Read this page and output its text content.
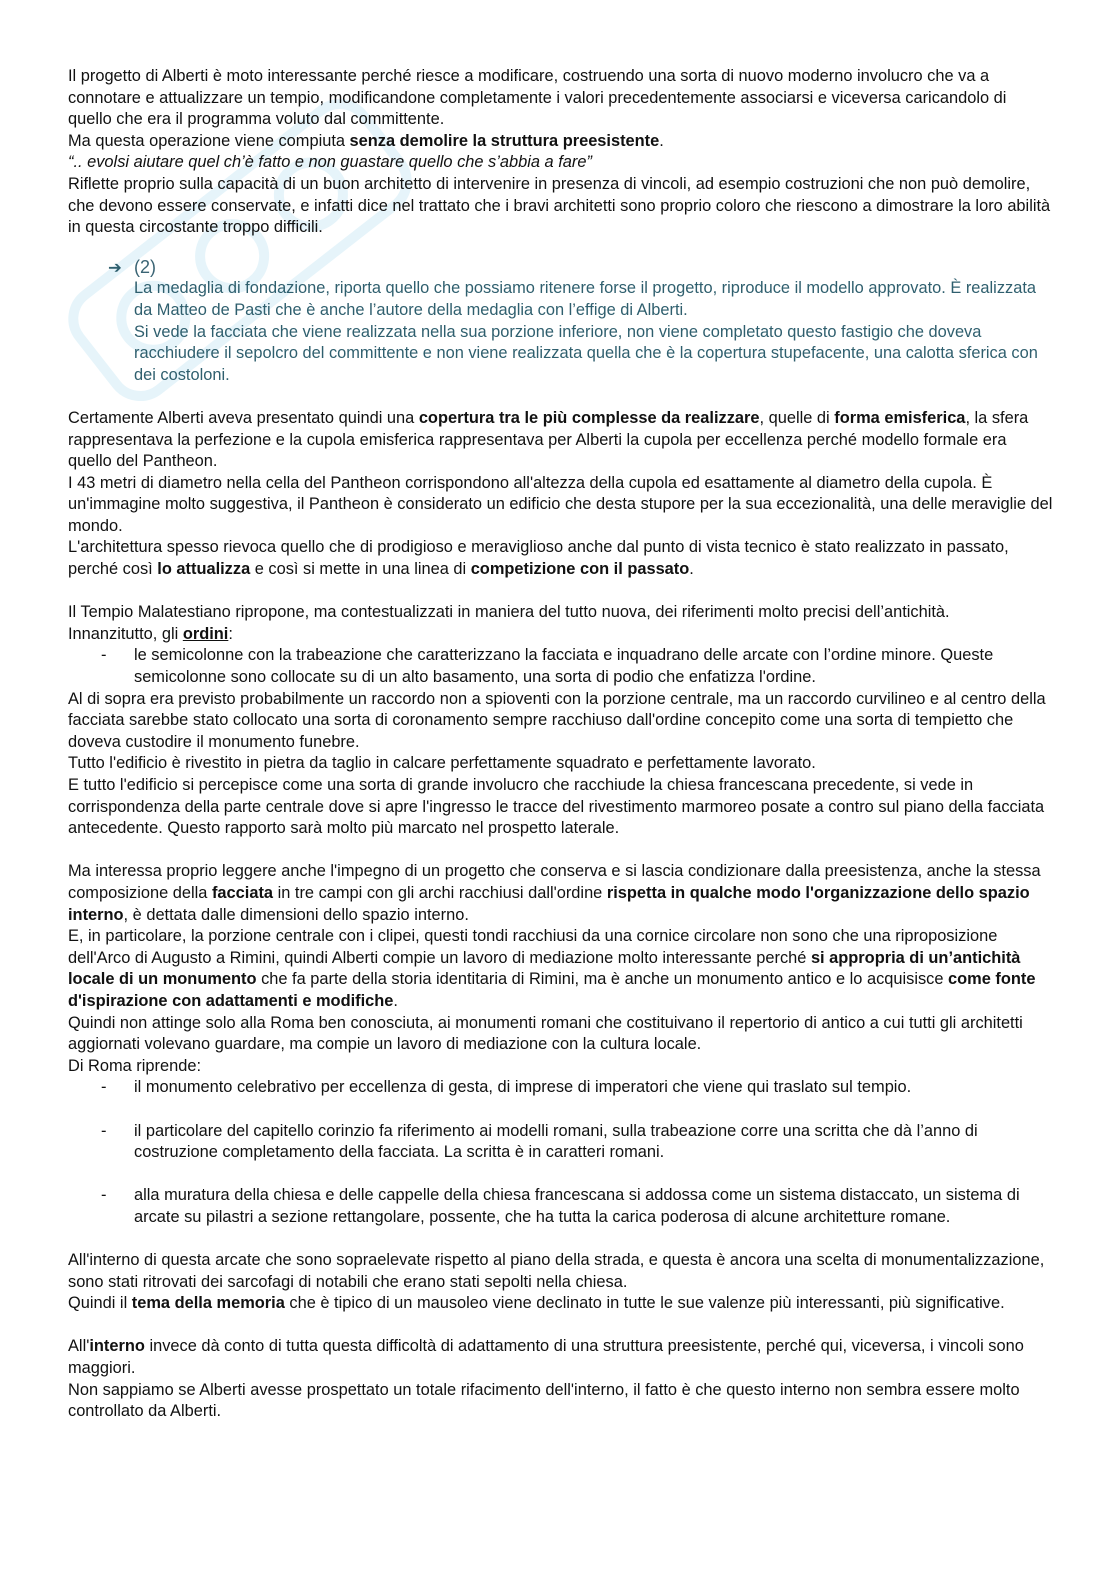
Il progetto di Alberti è moto interessante perché riesce a modificare, costruendo una sorta di nuovo moderno involucro che va a connotare e attualizzare un tempio, modificandone completamente i valori precedentemente associarsi e viceversa caricandolo di quello che era il programma voluto dal committente.

Ma questa operazione viene compiuta senza demolire la struttura preesistente.

“.. evolsi aiutare quel ch’è fatto e non guastare quello che s’abbia a fare”

Riflette proprio sulla capacità di un buon architetto di intervenire in presenza di vincoli, ad esempio costruzioni che non può demolire, che devono essere conservate, e infatti dice nel trattato che i bravi architetti sono proprio coloro che riescono a dimostrare la loro abilità in questa circostante troppo difficili.

➔ (2)

La medaglia di fondazione, riporta quello che possiamo ritenere forse il progetto, riproduce il modello approvato. È realizzata da Matteo de Pasti che è anche l’autore della medaglia con l’effige di Alberti.

Si vede la facciata che viene realizzata nella sua porzione inferiore, non viene completato questo fastigio che doveva racchiudere il sepolcro del committente e non viene realizzata quella che è la copertura stupefacente, una calotta sferica con dei costoloni.

Certamente Alberti aveva presentato quindi una copertura tra le più complesse da realizzare, quelle di forma emisferica, la sfera rappresentava la perfezione e la cupola emisferica rappresentava per Alberti la cupola per eccellenza perché modello formale era quello del Pantheon.

I 43 metri di diametro nella cella del Pantheon corrispondono all'altezza della cupola ed esattamente al diametro della cupola. È un'immagine molto suggestiva, il Pantheon è considerato un edificio che desta stupore per la sua eccezionalità, una delle meraviglie del mondo.

L'architettura spesso rievoca quello che di prodigioso e meraviglioso anche dal punto di vista tecnico è stato realizzato in passato, perché così lo attualizza e così si mette in una linea di competizione con il passato.

Il Tempio Malatestiano ripropone, ma contestualizzati in maniera del tutto nuova, dei riferimenti molto precisi dell’antichità.

Innanzitutto, gli ordini:

- le semicolonne con la trabeazione che caratterizzano la facciata e inquadrano delle arcate con l’ordine minore. Queste semicolonne sono collocate su di un alto basamento, una sorta di podio che enfatizza l'ordine.

Al di sopra era previsto probabilmente un raccordo non a spioventi con la porzione centrale, ma un raccordo curvilineo e al centro della facciata sarebbe stato collocato una sorta di coronamento sempre racchiuso dall'ordine concepito come una sorta di tempietto che doveva custodire il monumento funebre.

Tutto l'edificio è rivestito in pietra da taglio in calcare perfettamente squadrato e perfettamente lavorato.

E tutto l'edificio si percepisce come una sorta di grande involucro che racchiude la chiesa francescana precedente, si vede in corrispondenza della parte centrale dove si apre l'ingresso le tracce del rivestimento marmoreo posate a contro sul piano della facciata antecedente. Questo rapporto sarà molto più marcato nel prospetto laterale.

Ma interessa proprio leggere anche l'impegno di un progetto che conserva e si lascia condizionare dalla preesistenza, anche la stessa composizione della facciata in tre campi con gli archi racchiusi dall'ordine rispetta in qualche modo l'organizzazione dello spazio interno, è dettata dalle dimensioni dello spazio interno.

E, in particolare, la porzione centrale con i clipei, questi tondi racchiusi da una cornice circolare non sono che una riproposizione dell'Arco di Augusto a Rimini, quindi Alberti compie un lavoro di mediazione molto interessante perché si appropria di un’antichità locale di un monumento che fa parte della storia identitaria di Rimini, ma è anche un monumento antico e lo acquisisce come fonte d'ispirazione con adattamenti e modifiche.

Quindi non attinge solo alla Roma ben conosciuta, ai monumenti romani che costituivano il repertorio di antico a cui tutti gli architetti aggiornati volevano guardare, ma compie un lavoro di mediazione con la cultura locale.

Di Roma riprende:

- il monumento celebrativo per eccellenza di gesta, di imprese di imperatori che viene qui traslato sul tempio.
- il particolare del capitello corinzio fa riferimento ai modelli romani, sulla trabeazione corre una scritta che dà l’anno di costruzione completamento della facciata. La scritta è in caratteri romani.
- alla muratura della chiesa e delle cappelle della chiesa francescana si addossa come un sistema distaccato, un sistema di arcate su pilastri a sezione rettangolare, possente, che ha tutta la carica poderosa di alcune architetture romane.

All'interno di questa arcate che sono sopraelevate rispetto al piano della strada, e questa è ancora una scelta di monumentalizzazione, sono stati ritrovati dei sarcofagi di notabili che erano stati sepolti nella chiesa.

Quindi il tema della memoria che è tipico di un mausoleo viene declinato in tutte le sue valenze più interessanti, più significative.

All'interno invece dà conto di tutta questa difficoltà di adattamento di una struttura preesistente, perché qui, viceversa, i vincoli sono maggiori.

Non sappiamo se Alberti avesse prospettato un totale rifacimento dell'interno, il fatto è che questo interno non sembra essere molto controllato da Alberti.
